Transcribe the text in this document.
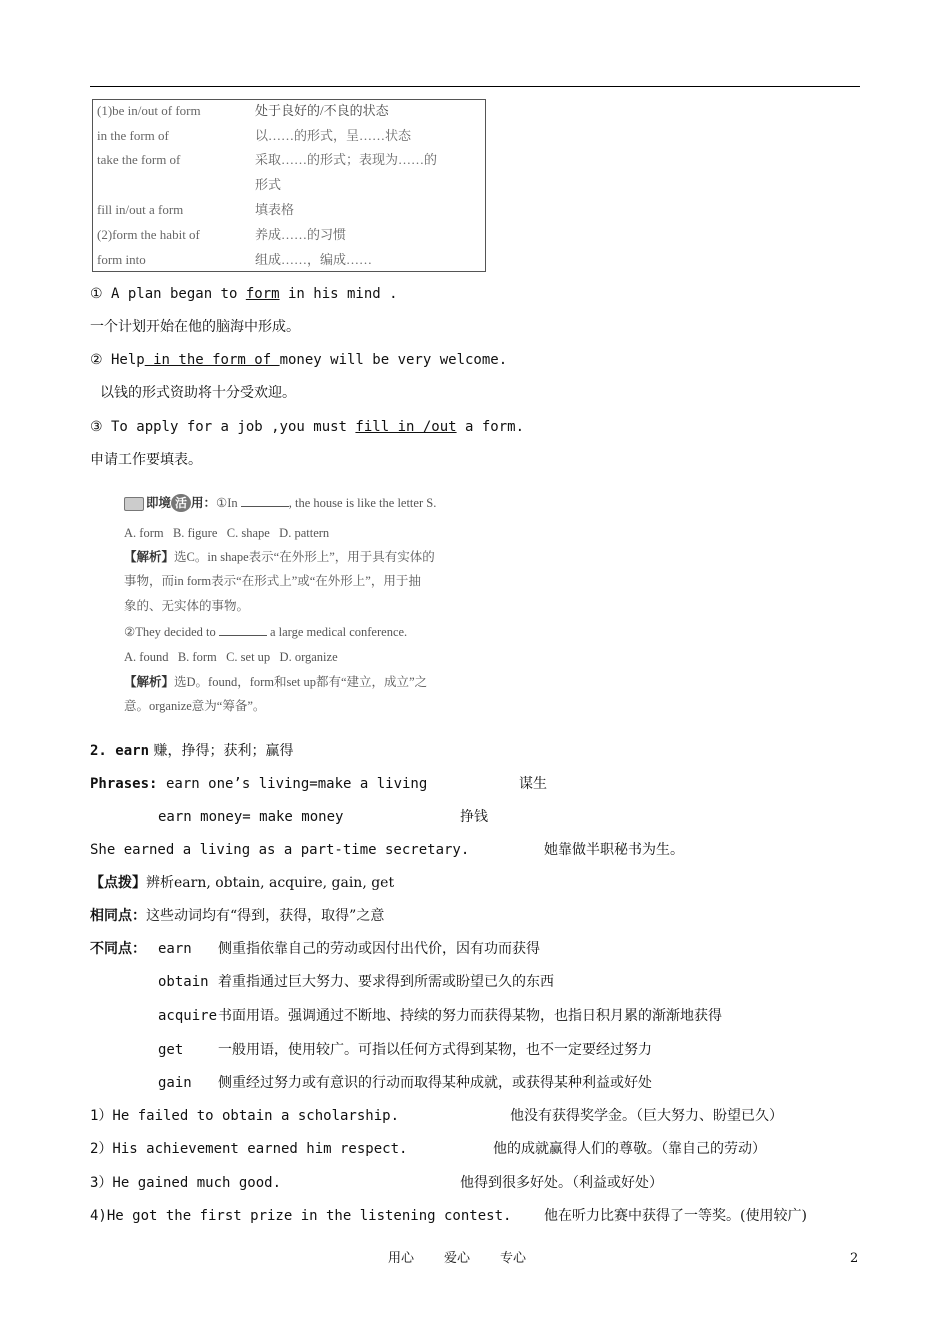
(1)be in/out of form	处于良好的/不良的状态
in the form of	以……的形式，呈……状态
take the form of	采取……的形式；表现为……的
形式
fill in/out a form	填表格
(2)form the habit of	养成……的习惯
form into	组成……，编成……
① A plan began to form in his mind .
一个计划开始在他的脑海中形成。
② Help in the form of money will be very welcome.
以钱的形式资助将十分受欢迎。
③ To apply for a job ,you must fill in /out a form.
申请工作要填表。
即境 活 用：①In	, the house is like the letter S.
A. form   B. figure   C. shape   D. pattern
【解析】选C。in shape表示“在外形上”，用于具有实体的
事物，而in form表示“在形式上”或“在外形上”，用于抽
象的、无实体的事物。
②They decided to	a large medical conference.
A. found   B. form   C. set up   D. organize
【解析】选D。found，form和set up都有“建立，成立”之
意。organize意为“筹备”。
2. earn 赚，挣得；获利；赢得
Phrases: earn one’s living=make a living	谋生
earn money= make money	挣钱
She earned a living as a part-time secretary.	她靠做半职秘书为生。
【点拨】辨析earn, obtain, acquire, gain, get
相同点：这些动词均有“得到，获得，取得”之意
不同点： earn 侧重指依靠自己的劳动或因付出代价，因有功而获得
obtain 着重指通过巨大努力、要求得到所需或盼望已久的东西
acquire 书面用语。强调通过不断地、持续的努力而获得某物，也指日积月累的渐渐地获得
get 一般用语，使用较广。可指以任何方式得到某物，也不一定要经过努力
gain 侧重经过努力或有意识的行动而取得某种成就，或获得某种利益或好处
1）He failed to obtain a scholarship.	他没有获得奖学金。（巨大努力、盼望已久）
2）His achievement earned him respect.	他的成就赢得人们的尊敬。（靠自己的劳动）
3）He gained much good.	他得到很多好处。（利益或好处）
4)He got the first prize in the listening contest. 他在听力比赛中获得了一等奖。(使用较广)
用心 爱心 专心	2
